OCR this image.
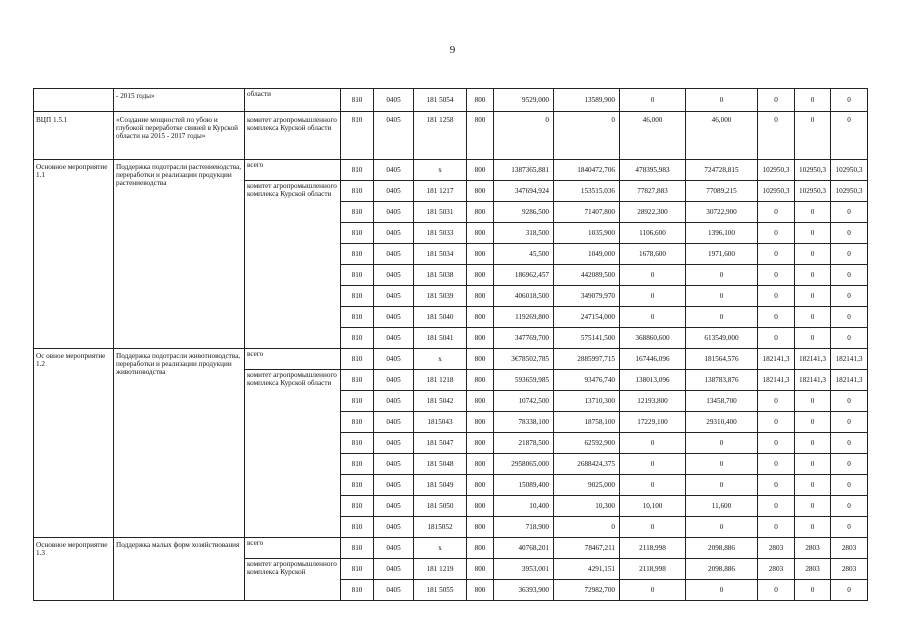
9
	- 2015 годы»	области	810	0405	181 5054	800	9529,000	13589,900	0	0	0	0	0
ВЦП 1.5.1	«Создание мощностей по убою и глубокой переработке свиней в Курской области на 2015 - 2017 годы»	комитет агропромышленного комплекса Курской области	810	0405	181 1258	800	0	0	46,000	46,000	0	0	0
Основное мероприятие 1.1	Поддержка подотрасли растениеводства, переработки и реализации продукции растениеводства	всего	810	0405	x	800	1387365,881	1840472,706	478395,983	724728,815	102950,3	102950,3	102950,3
		комитет агропромышленного комплекса Курской области	810	0405	181 1217	800	347694,924	153515,036	77827,883	77089,215	102950,3	102950,3	102950,3
			810	0405	181 5031	800	9286,500	71407,800	28922,300	30722,900	0	0	0
			810	0405	181 5033	800	318,500	1035,900	1106,600	1396,100	0	0	0
			810	0405	181 5034	800	45,500	1049,000	1678,600	1971,600	0	0	0
			810	0405	181 5038	800	186962,457	442089,500	0	0	0	0	0
			810	0405	181 5039	800	406018,500	349079,970	0	0	0	0	0
			810	0405	181 5040	800	119269,800	247154,000	0	0	0	0	0
			810	0405	181 5041	800	347769,700	575141,500	368860,600	613549,000	0	0	0
Ос овное мероприятие 1.2	Поддержка подотрасли животноводства, переработки и реализации продукции животноводства	всего	810	0405	x	800	3€78502,785	2885997,715	167446,096	181564,576	182141,3	182141,3	182141,3
		комитет агропромышленного комплекса Курской области	810	0405	181 1218	800	593659,985	93476,740	138013,096	138783,876	182141,3	182141,3	182141,3
			810	0405	181 5042	800	10742,500	13710,300	12193,800	13458,700	0	0	0
			810	0405	1815043	800	78338,100	18758,100	17229,100	29310,400	0	0	0
			810	0405	181 5047	800	21878,500	62592,900	0	0	0	0	0
			810	0405	181 5048	800	2958065,000	2688424,375	0	0	0	0	0
			810	0405	181 5049	800	15089,400	9025,000	0	0	0	0	0
			810	0405	181 5050	800	10,400	10,300	10,100	11,600	0	0	0
			810	0405	1815052	800	718,900	0	0	0	0	0	0
Основное мероприятие 1.3	Поддержка малых форм хозяйствования	всего	810	0405	x	800	40768,201	78467,211	2118,998	2098,886	2803	2803	2803
		комитет агропромышленного комплекса Курской	810	0405	181 1219	800	3953,001	4291,151	2118,998	2098,886	2803	2803	2803
			810	0405	181 5055	800	36393,900	72982,700	0	0	0	0	0
